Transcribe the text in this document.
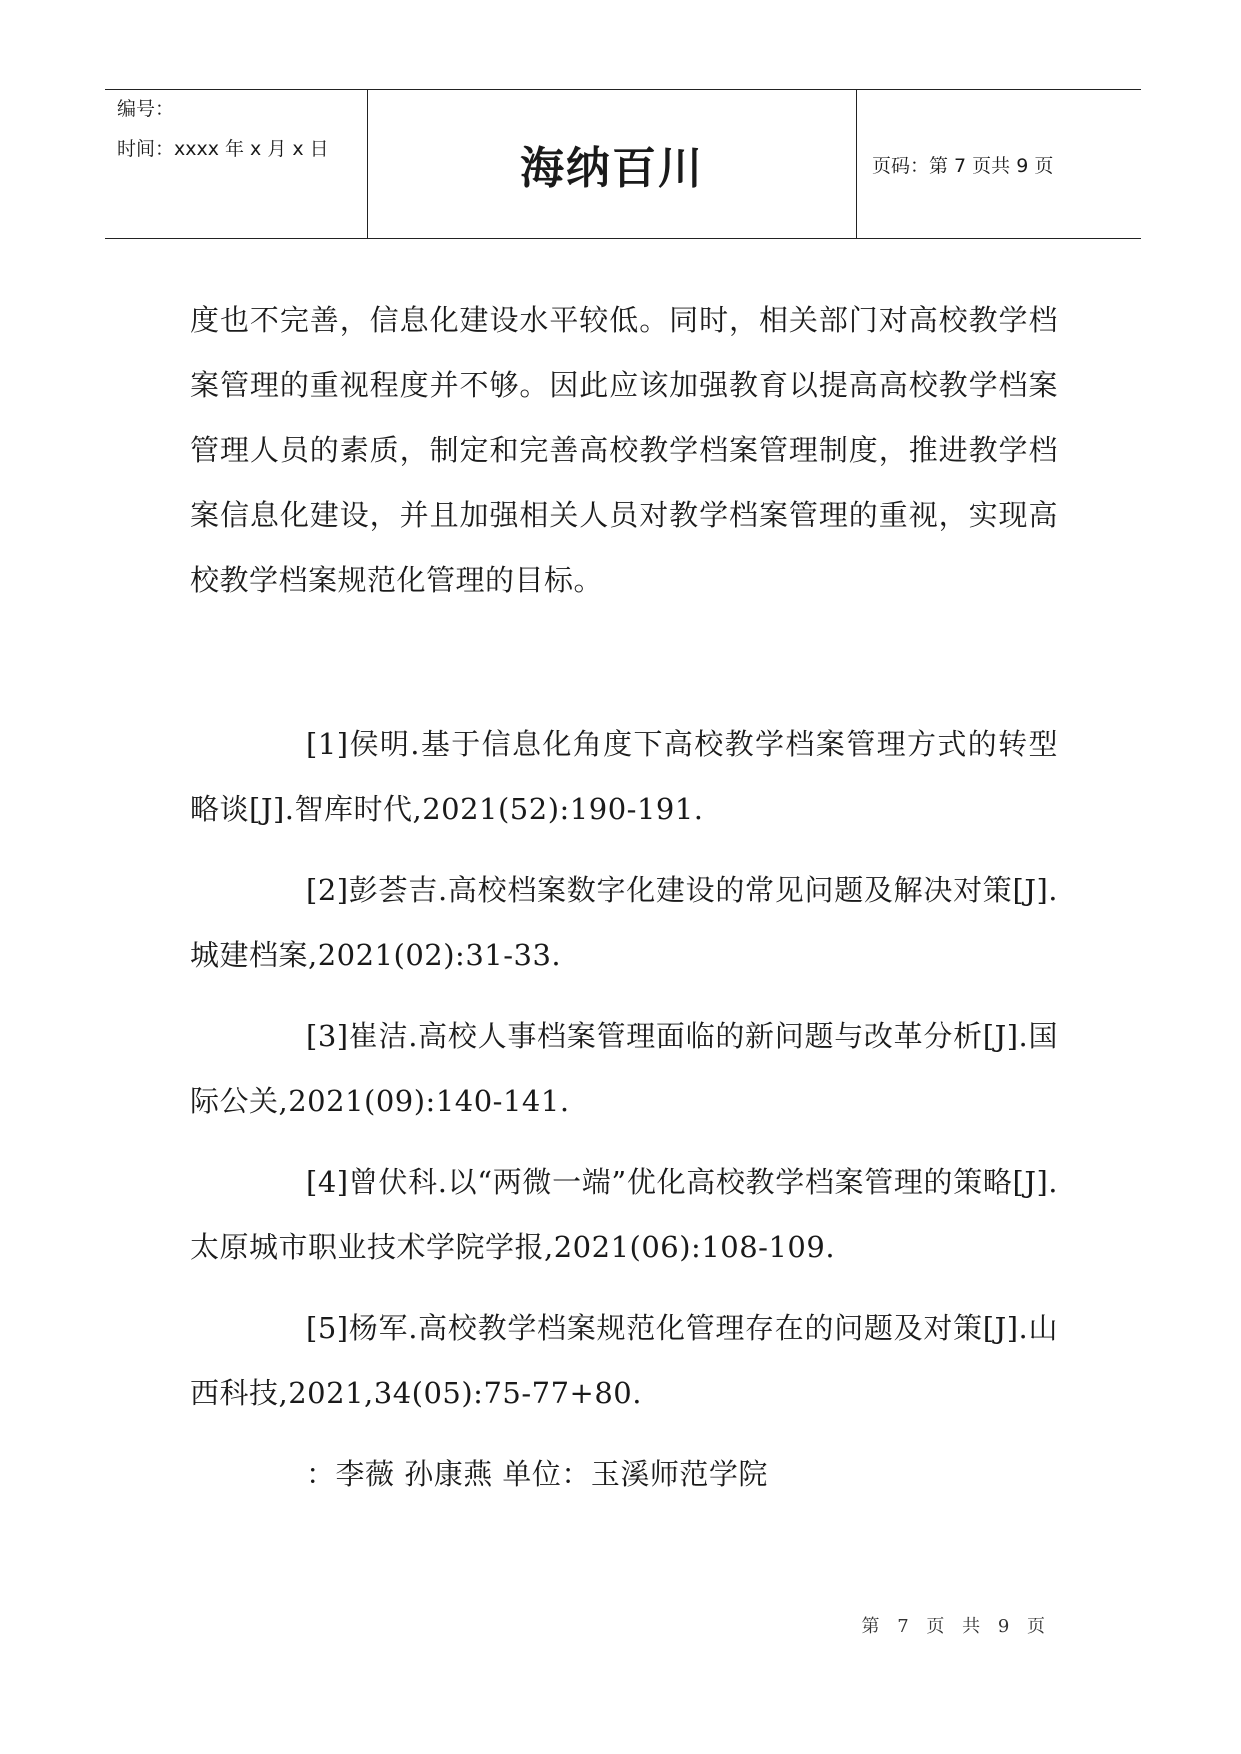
编号：
时间：xxxx 年 x 月 x 日	海纳百川	页码：第 7 页共 9 页
度也不完善，信息化建设水平较低。同时，相关部门对高校教学档案管理的重视程度并不够。因此应该加强教育以提高高校教学档案管理人员的素质，制定和完善高校教学档案管理制度，推进教学档案信息化建设，并且加强相关人员对教学档案管理的重视，实现高校教学档案规范化管理的目标。

[1]侯明.基于信息化角度下高校教学档案管理方式的转型略谈[J].智库时代,2021(52):190-191.

[2]彭荟吉.高校档案数字化建设的常见问题及解决对策[J].城建档案,2021(02):31-33.

[3]崔洁.高校人事档案管理面临的新问题与改革分析[J].国际公关,2021(09):140-141.

[4]曾伏科.以“两微一端”优化高校教学档案管理的策略[J].太原城市职业技术学院学报,2021(06):108-109.

[5]杨军.高校教学档案规范化管理存在的问题及对策[J].山西科技,2021,34(05):75-77+80.

：李薇 孙康燕 单位：玉溪师范学院
第 7 页 共 9 页
